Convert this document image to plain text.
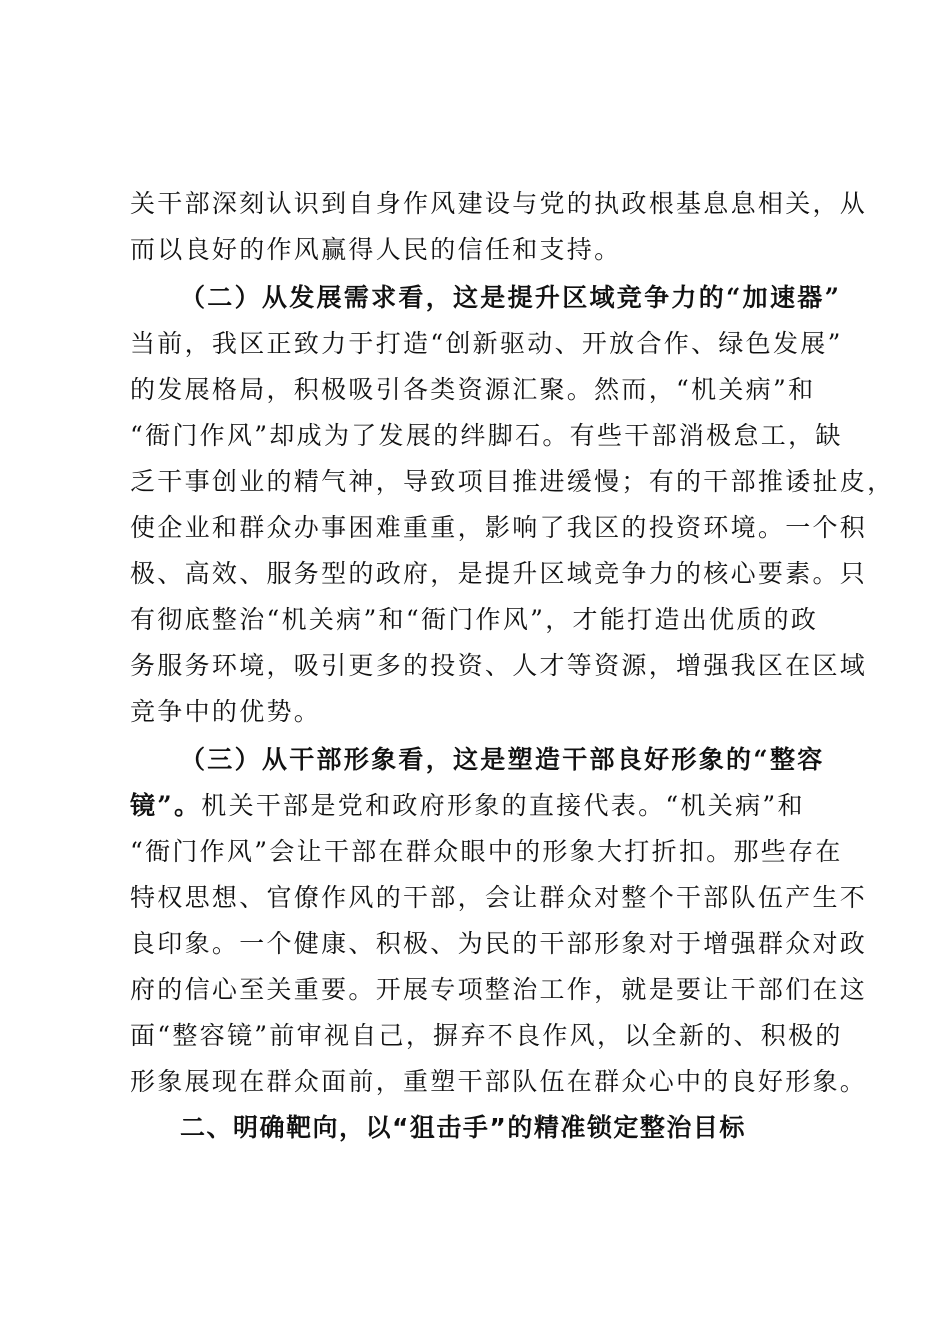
关干部深刻认识到自身作风建设与党的执政根基息息相关，从
而以良好的作风赢得人民的信任和支持。
（二）从发展需求看，这是提升区域竞争力的“加速器”
当前，我区正致力于打造“创新驱动、开放合作、绿色发展”
的发展格局，积极吸引各类资源汇聚。然而，“机关病”和
“衙门作风”却成为了发展的绊脚石。有些干部消极怠工，缺
乏干事创业的精气神，导致项目推进缓慢；有的干部推诿扯皮，
使企业和群众办事困难重重，影响了我区的投资环境。一个积
极、高效、服务型的政府，是提升区域竞争力的核心要素。只
有彻底整治“机关病”和“衙门作风”，才能打造出优质的政
务服务环境，吸引更多的投资、人才等资源，增强我区在区域
竞争中的优势。
（三）从干部形象看，这是塑造干部良好形象的“整容
镜”。机关干部是党和政府形象的直接代表。“机关病”和
“衙门作风”会让干部在群众眼中的形象大打折扣。那些存在
特权思想、官僚作风的干部，会让群众对整个干部队伍产生不
良印象。一个健康、积极、为民的干部形象对于增强群众对政
府的信心至关重要。开展专项整治工作，就是要让干部们在这
面“整容镜”前审视自己，摒弃不良作风，以全新的、积极的
形象展现在群众面前，重塑干部队伍在群众心中的良好形象。
二、明确靶向，以“狙击手”的精准锁定整治目标
